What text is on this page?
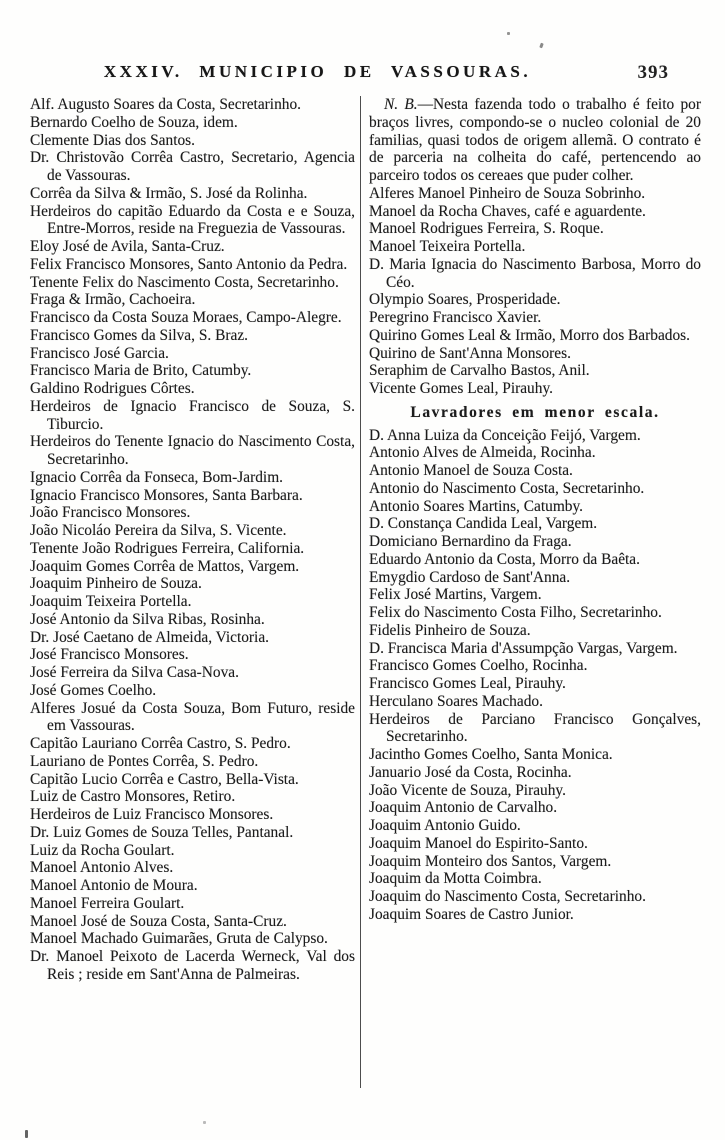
XXXIV. MUNICIPIO DE VASSOURAS.	393

Alf. Augusto Soares da Costa, Secretarinho.

Bernardo Coelho de Souza, idem.

Clemente Dias dos Santos.

Dr. Christovão Corrêa Castro, Secretario, Agencia de Vassouras.

Corrêa da Silva & Irmão, S. José da Rolinha.

Herdeiros do capitão Eduardo da Costa e e Souza, Entre-Morros, reside na Freguezia de Vassouras.

Eloy José de Avila, Santa-Cruz.

Felix Francisco Monsores, Santo Antonio da Pedra.

Tenente Felix do Nascimento Costa, Secretarinho.

Fraga & Irmão, Cachoeira.

Francisco da Costa Souza Moraes, Campo-Alegre.

Francisco Gomes da Silva, S. Braz.

Francisco José Garcia.

Francisco Maria de Brito, Catumby.

Galdino Rodrigues Côrtes.

Herdeiros de Ignacio Francisco de Souza, S. Tiburcio.

Herdeiros do Tenente Ignacio do Nascimento Costa, Secretarinho.

Ignacio Corrêa da Fonseca, Bom-Jardim.

Ignacio Francisco Monsores, Santa Barbara.

João Francisco Monsores.

João Nicoláo Pereira da Silva, S. Vicente.

Tenente João Rodrigues Ferreira, California.

Joaquim Gomes Corrêa de Mattos, Vargem.

Joaquim Pinheiro de Souza.

Joaquim Teixeira Portella.

José Antonio da Silva Ribas, Rosinha.

Dr. José Caetano de Almeida, Victoria.

José Francisco Monsores.

José Ferreira da Silva Casa-Nova.

José Gomes Coelho.

Alferes Josué da Costa Souza, Bom Futuro, reside em Vassouras.

Capitão Lauriano Corrêa Castro, S. Pedro.

Lauriano de Pontes Corrêa, S. Pedro.

Capitão Lucio Corrêa e Castro, Bella-Vista.

Luiz de Castro Monsores, Retiro.

Herdeiros de Luiz Francisco Monsores.

Dr. Luiz Gomes de Souza Telles, Pantanal.

Luiz da Rocha Goulart.

Manoel Antonio Alves.

Manoel Antonio de Moura.

Manoel Ferreira Goulart.

Manoel José de Souza Costa, Santa-Cruz.

Manoel Machado Guimarães, Gruta de Calypso.

Dr. Manoel Peixoto de Lacerda Werneck, Val dos Reis ; reside em Sant'Anna de Palmeiras.

N. B.—Nesta fazenda todo o trabalho é feito por braços livres, compondo-se o nucleo colonial de 20 familias, quasi todos de origem allemã. O contrato é de parceria na colheita do café, pertencendo ao parceiro todos os cereaes que puder colher.

Alferes Manoel Pinheiro de Souza Sobrinho.

Manoel da Rocha Chaves, café e aguardente.

Manoel Rodrigues Ferreira, S. Roque.

Manoel Teixeira Portella.

D. Maria Ignacia do Nascimento Barbosa, Morro do Céo.

Olympio Soares, Prosperidade.

Peregrino Francisco Xavier.

Quirino Gomes Leal & Irmão, Morro dos Barbados.

Quirino de Sant'Anna Monsores.

Seraphim de Carvalho Bastos, Anil.

Vicente Gomes Leal, Pirauhy.

Lavradores em menor escala.

D. Anna Luiza da Conceição Feijó, Vargem.

Antonio Alves de Almeida, Rocinha.

Antonio Manoel de Souza Costa.

Antonio do Nascimento Costa, Secretarinho.

Antonio Soares Martins, Catumby.

D. Constança Candida Leal, Vargem.

Domiciano Bernardino da Fraga.

Eduardo Antonio da Costa, Morro da Baêta.

Emygdio Cardoso de Sant'Anna.

Felix José Martins, Vargem.

Felix do Nascimento Costa Filho, Secretarinho.

Fidelis Pinheiro de Souza.

D. Francisca Maria d'Assumpção Vargas, Vargem.

Francisco Gomes Coelho, Rocinha.

Francisco Gomes Leal, Pirauhy.

Herculano Soares Machado.

Herdeiros de Parciano Francisco Gonçalves, Secretarinho.

Jacintho Gomes Coelho, Santa Monica.

Januario José da Costa, Rocinha.

João Vicente de Souza, Pirauhy.

Joaquim Antonio de Carvalho.

Joaquim Antonio Guido.

Joaquim Manoel do Espirito-Santo.

Joaquim Monteiro dos Santos, Vargem.

Joaquim da Motta Coimbra.

Joaquim do Nascimento Costa, Secretarinho.

Joaquim Soares de Castro Junior.
